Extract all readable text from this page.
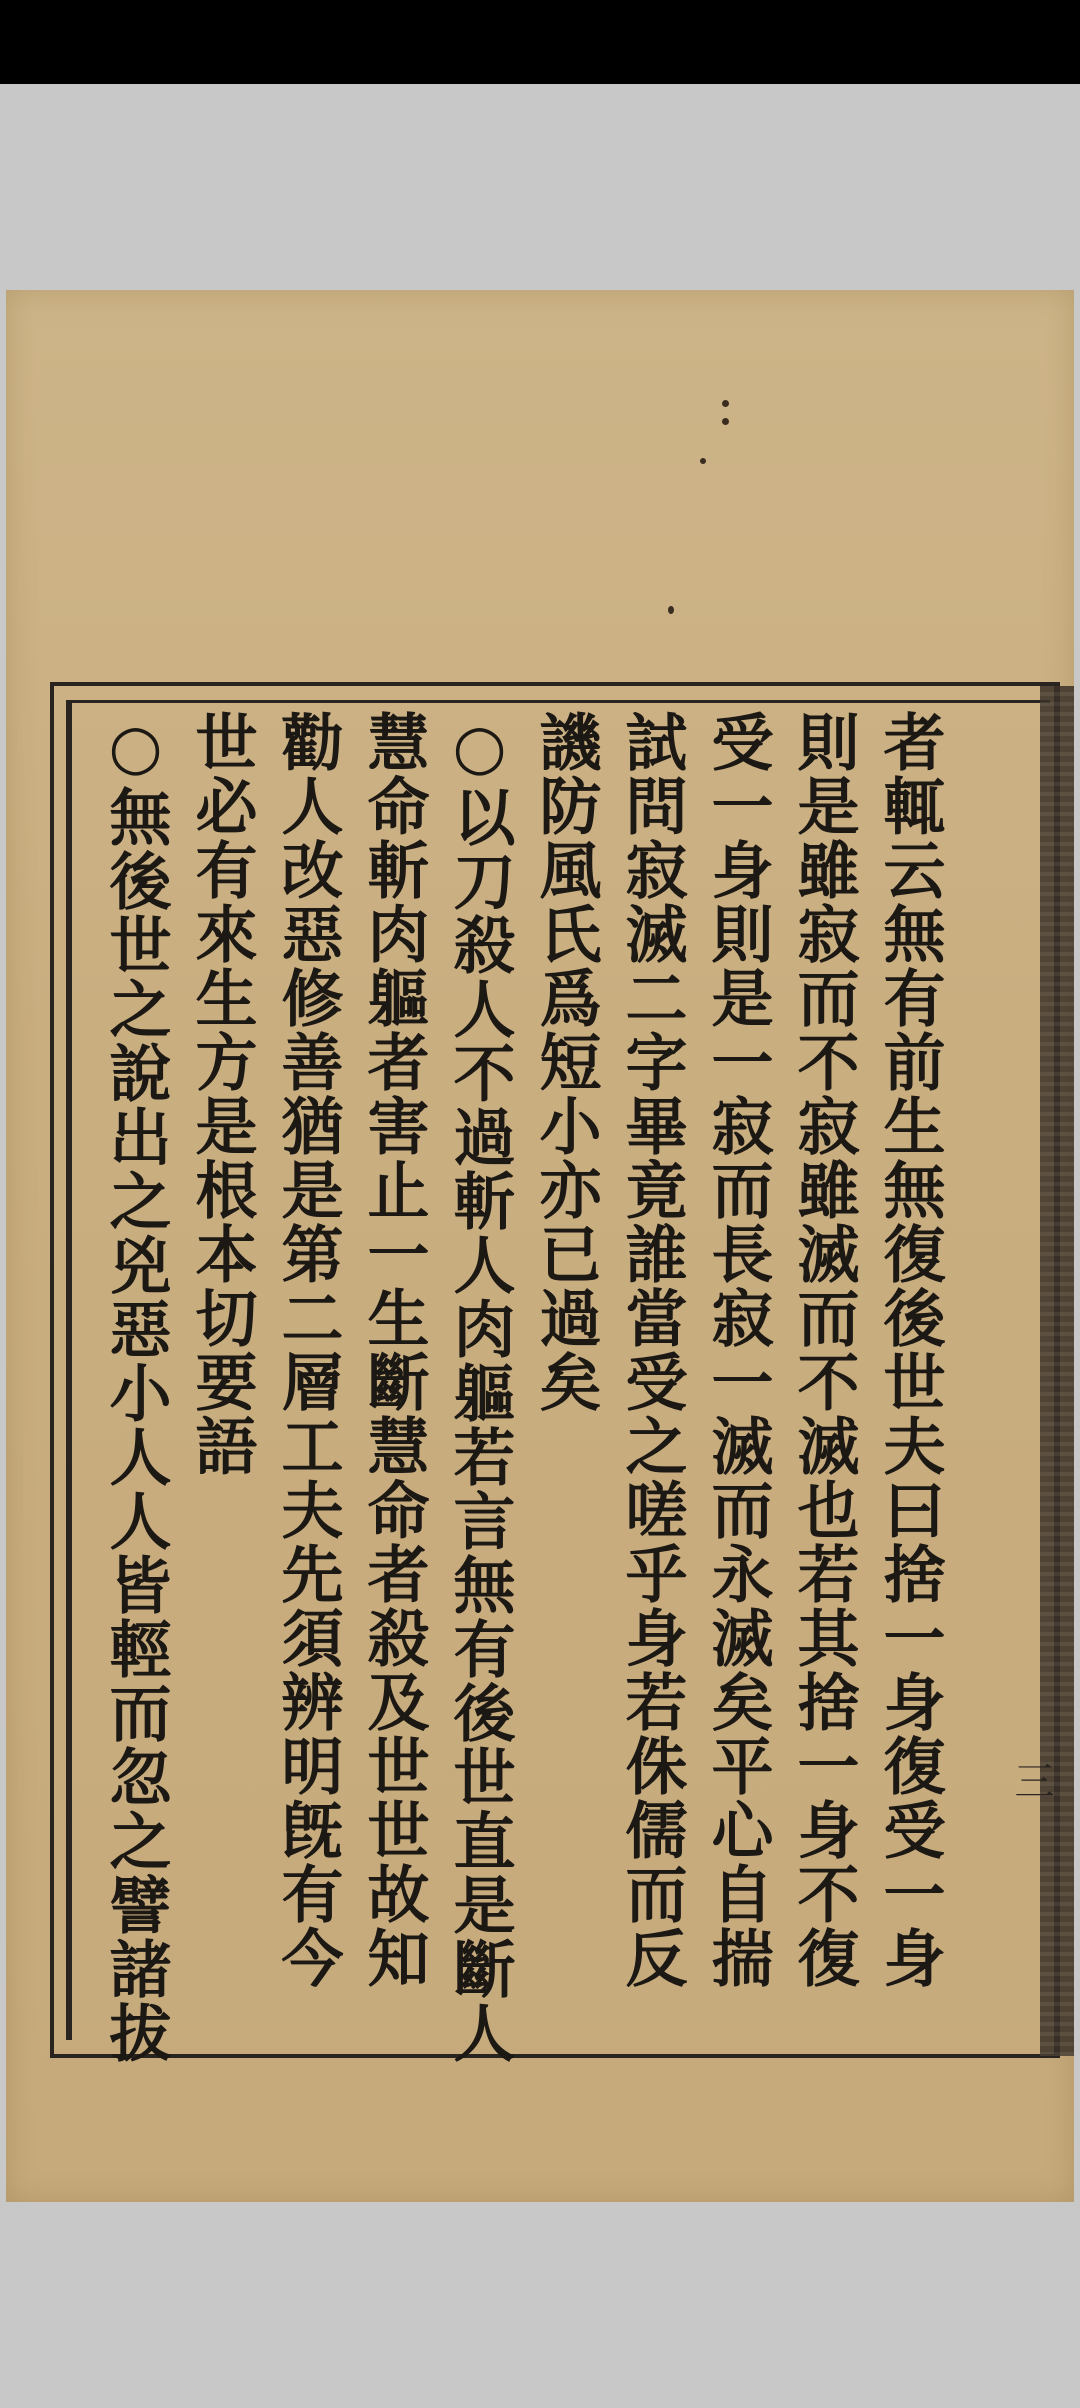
三
者輒云無有前生無復後世夫曰捨一身復受一身
則是雖寂而不寂雖滅而不滅也若其捨一身不復
受一身則是一寂而長寂一滅而永滅矣平心自揣
試問寂滅二字畢竟誰當受之嗟乎身若侏儒而反
譏防風氏爲短小亦已過矣
○以刀殺人不過斬人肉軀若言無有後世直是斷人
慧命斬肉軀者害止一生斷慧命者殺及世世故知
勸人改惡修善猶是第二層工夫先須辨明旣有今
世必有來生方是根本切要語
○無後世之說出之兇惡小人人皆輕而忽之譬諸拔
